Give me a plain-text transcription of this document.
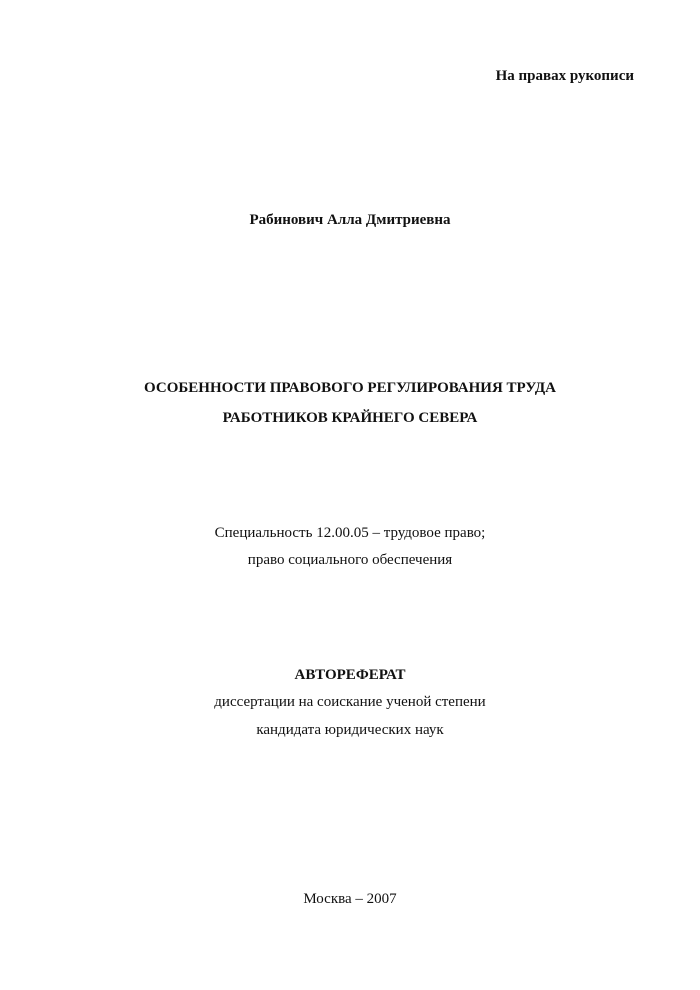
На правах рукописи
Рабинович Алла Дмитриевна
ОСОБЕННОСТИ ПРАВОВОГО РЕГУЛИРОВАНИЯ ТРУДА
РАБОТНИКОВ КРАЙНЕГО СЕВЕРА
Специальность 12.00.05 – трудовое право;
право социального обеспечения
АВТОРЕФЕРАТ
диссертации на соискание ученой степени
кандидата юридических наук
Москва – 2007
